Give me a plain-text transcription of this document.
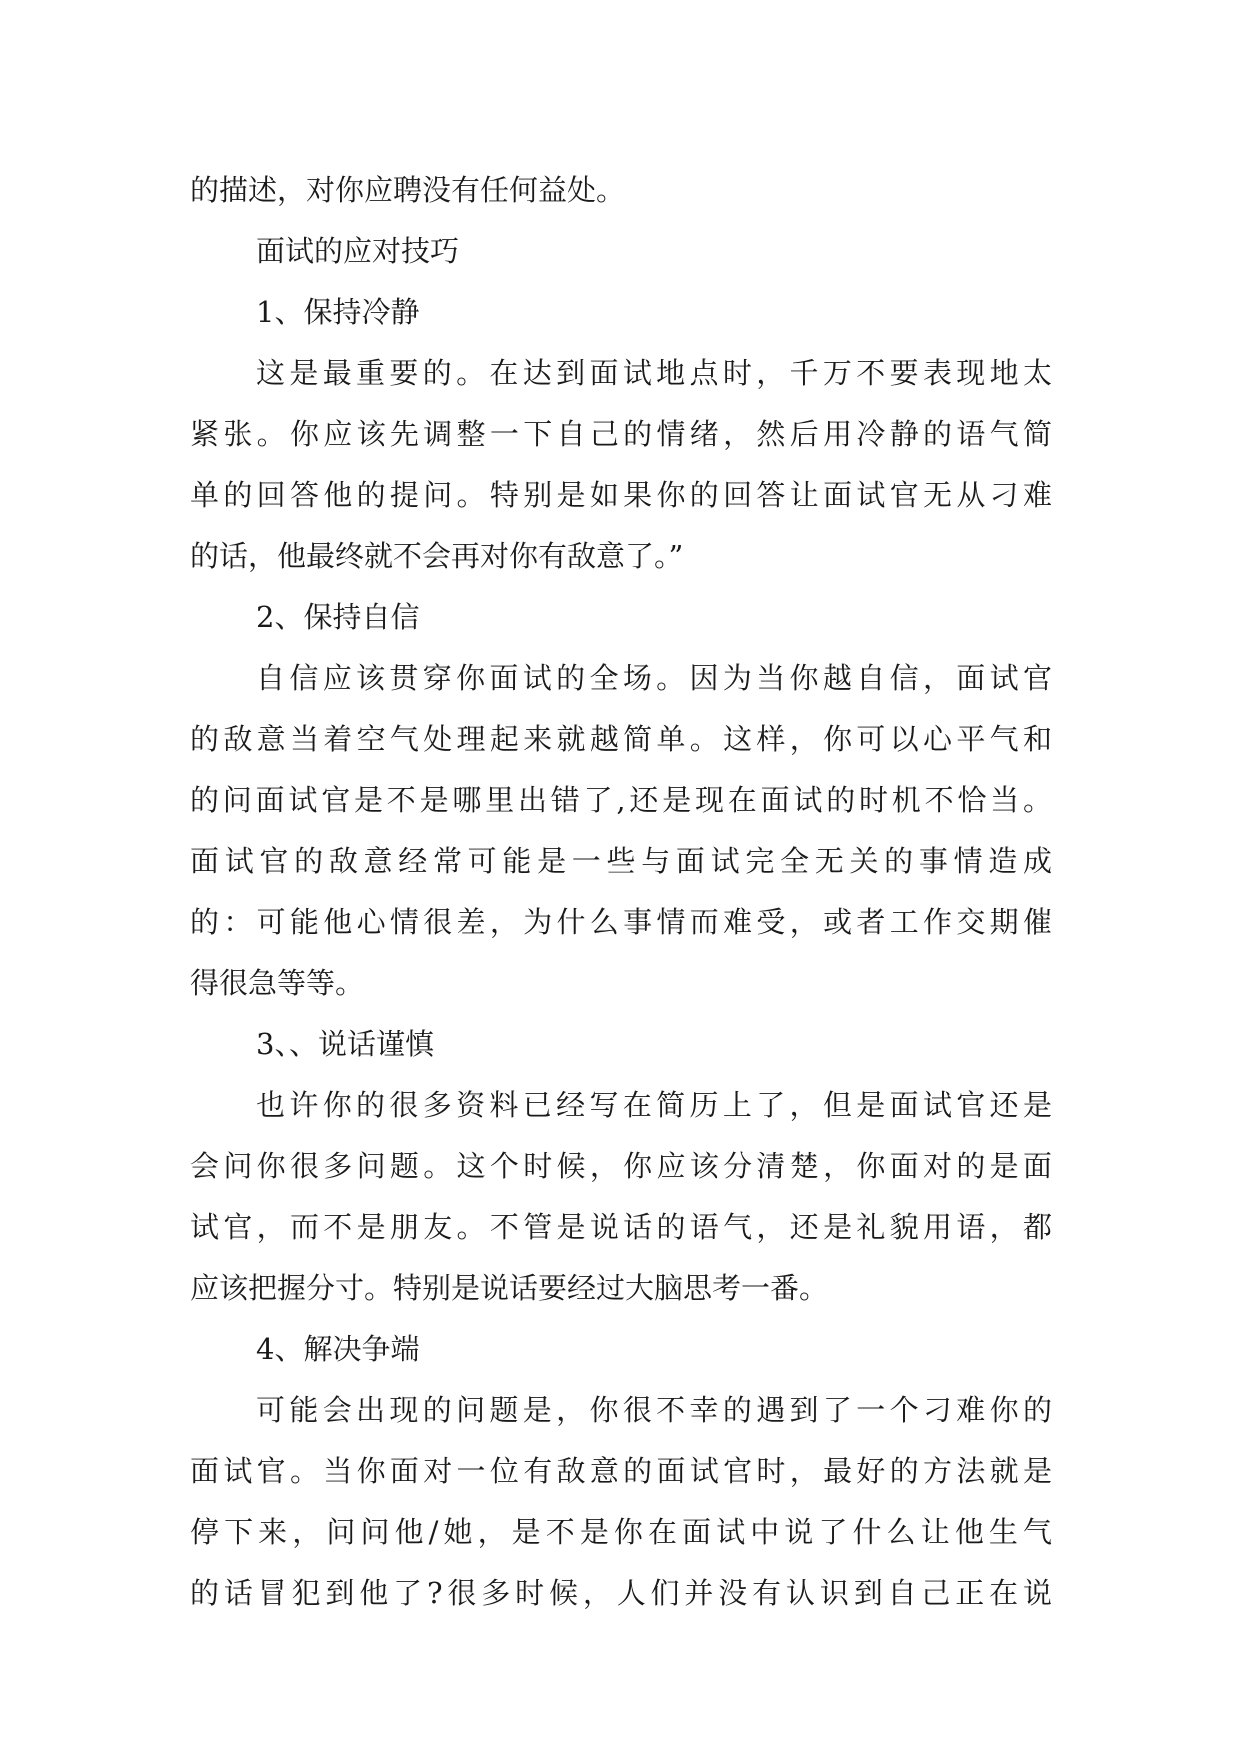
的描述，对你应聘没有任何益处。
面试的应对技巧
1、保持冷静
这是最重要的。在达到面试地点时，千万不要表现地太
紧张。你应该先调整一下自己的情绪，然后用冷静的语气简
单的回答他的提问。特别是如果你的回答让面试官无从刁难
的话，他最终就不会再对你有敌意了。”
2、保持自信
自信应该贯穿你面试的全场。因为当你越自信，面试官
的敌意当着空气处理起来就越简单。这样，你可以心平气和
的问面试官是不是哪里出错了,还是现在面试的时机不恰当。
面试官的敌意经常可能是一些与面试完全无关的事情造成
的：可能他心情很差，为什么事情而难受，或者工作交期催
得很急等等。
3、、说话谨慎
也许你的很多资料已经写在简历上了，但是面试官还是
会问你很多问题。这个时候，你应该分清楚，你面对的是面
试官，而不是朋友。不管是说话的语气，还是礼貌用语，都
应该把握分寸。特别是说话要经过大脑思考一番。
4、解决争端
可能会出现的问题是，你很不幸的遇到了一个刁难你的
面试官。当你面对一位有敌意的面试官时，最好的方法就是
停下来，问问他/她，是不是你在面试中说了什么让他生气
的话冒犯到他了?很多时候，人们并没有认识到自己正在说
